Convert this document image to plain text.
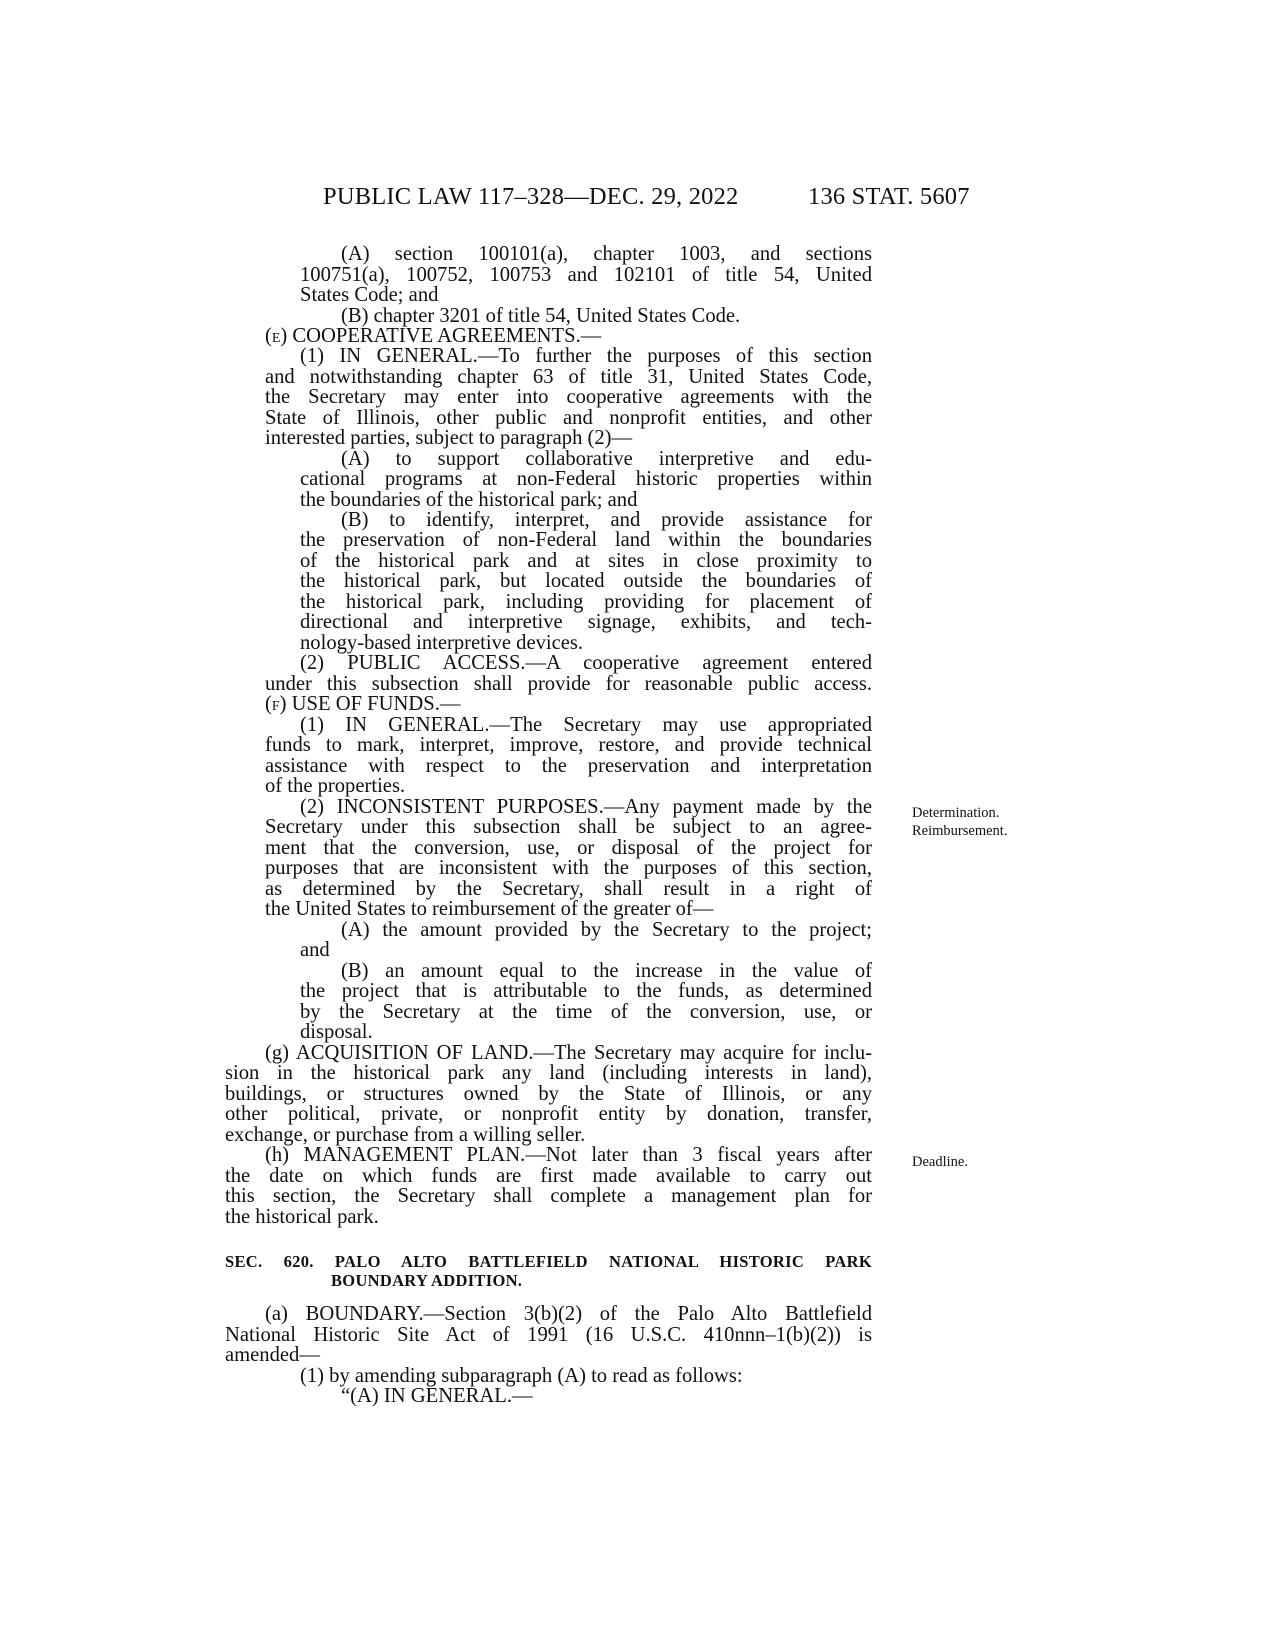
PUBLIC LAW 117–328—DEC. 29, 2022	136 STAT. 5607
(A) section 100101(a), chapter 1003, and sections
100751(a), 100752, 100753 and 102101 of title 54, United
States Code; and
(B) chapter 3201 of title 54, United States Code.
(e) COOPERATIVE AGREEMENTS.—
(1) IN GENERAL.—To further the purposes of this section
and notwithstanding chapter 63 of title 31, United States Code,
the Secretary may enter into cooperative agreements with the
State of Illinois, other public and nonprofit entities, and other
interested parties, subject to paragraph (2)—
(A) to support collaborative interpretive and edu-
cational programs at non-Federal historic properties within
the boundaries of the historical park; and
(B) to identify, interpret, and provide assistance for
the preservation of non-Federal land within the boundaries
of the historical park and at sites in close proximity to
the historical park, but located outside the boundaries of
the historical park, including providing for placement of
directional and interpretive signage, exhibits, and tech-
nology-based interpretive devices.
(2) PUBLIC ACCESS.—A cooperative agreement entered
under this subsection shall provide for reasonable public access.
(f) USE OF FUNDS.—
(1) IN GENERAL.—The Secretary may use appropriated
funds to mark, interpret, improve, restore, and provide technical
assistance with respect to the preservation and interpretation
of the properties.
(2) INCONSISTENT PURPOSES.—Any payment made by the
Secretary under this subsection shall be subject to an agree-
ment that the conversion, use, or disposal of the project for
purposes that are inconsistent with the purposes of this section,
as determined by the Secretary, shall result in a right of
the United States to reimbursement of the greater of—
(A) the amount provided by the Secretary to the project;
and
(B) an amount equal to the increase in the value of
the project that is attributable to the funds, as determined
by the Secretary at the time of the conversion, use, or
disposal.
(g) ACQUISITION OF LAND.—The Secretary may acquire for inclu-
sion in the historical park any land (including interests in land),
buildings, or structures owned by the State of Illinois, or any
other political, private, or nonprofit entity by donation, transfer,
exchange, or purchase from a willing seller.
(h) MANAGEMENT PLAN.—Not later than 3 fiscal years after
the date on which funds are first made available to carry out
this section, the Secretary shall complete a management plan for
the historical park.
Determination.
Reimbursement.
Deadline.
SEC. 620. PALO ALTO BATTLEFIELD NATIONAL HISTORIC PARK
BOUNDARY ADDITION.
(a) BOUNDARY.—Section 3(b)(2) of the Palo Alto Battlefield
National Historic Site Act of 1991 (16 U.S.C. 410nnn–1(b)(2)) is
amended—
(1) by amending subparagraph (A) to read as follows:
“(A) IN GENERAL.—
